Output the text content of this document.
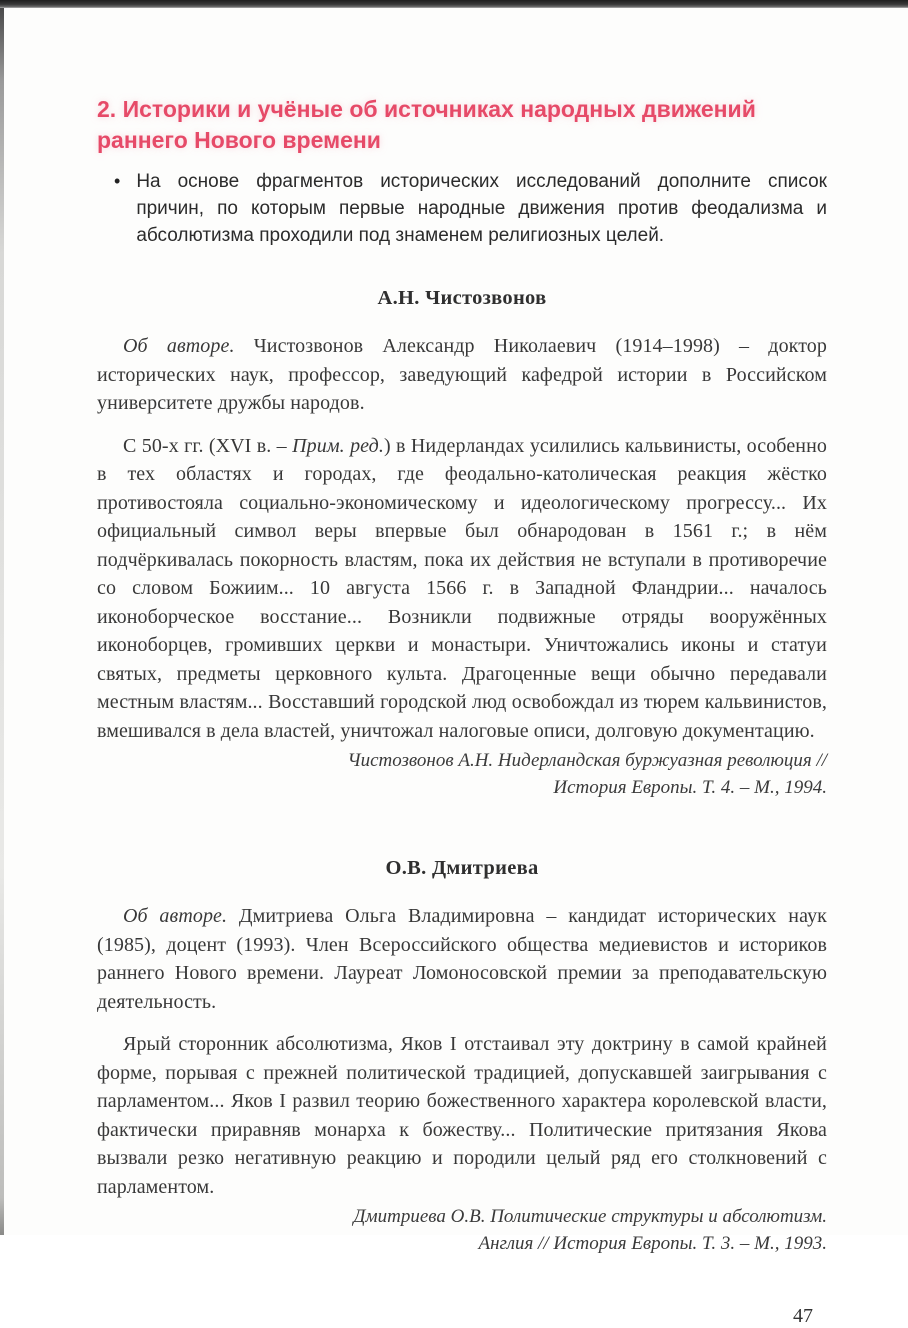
2. Историки и учёные об источниках народных движений раннего Нового времени
• На основе фрагментов исторических исследований дополните список причин, по которым первые народные движения против феодализма и абсолютизма проходили под знаменем религиозных целей.

А.Н. Чистозвонов

Об авторе. Чистозвонов Александр Николаевич (1914–1998) – доктор исторических наук, профессор, заведующий кафедрой истории в Российском университете дружбы народов.

С 50-х гг. (XVI в. – Прим. ред.) в Нидерландах усилились кальвинисты, особенно в тех областях и городах, где феодально-католическая реакция жёстко противостояла социально-экономическому и идеологическому прогрессу... Их официальный символ веры впервые был обнародован в 1561 г.; в нём подчёркивалась покорность властям, пока их действия не вступали в противоречие со словом Божиим... 10 августа 1566 г. в Западной Фландрии... началось иконоборческое восстание... Возникли подвижные отряды вооружённых иконоборцев, громивших церкви и монастыри. Уничтожались иконы и статуи святых, предметы церковного культа. Драгоценные вещи обычно передавали местным властям... Восставший городской люд освобождал из тюрем кальвинистов, вмешивался в дела властей, уничтожал налоговые описи, долговую документацию.

Чистозвонов А.Н. Нидерландская буржуазная революция //
История Европы. Т. 4. – М., 1994.

О.В. Дмитриева

Об авторе. Дмитриева Ольга Владимировна – кандидат исторических наук (1985), доцент (1993). Член Всероссийского общества медиевистов и историков раннего Нового времени. Лауреат Ломоносовской премии за преподавательскую деятельность.

Ярый сторонник абсолютизма, Яков I отстаивал эту доктрину в самой крайней форме, порывая с прежней политической традицией, допускавшей заигрывания с парламентом... Яков I развил теорию божественного характера королевской власти, фактически приравняв монарха к божеству... Политические притязания Якова вызвали резко негативную реакцию и породили целый ряд его столкновений с парламентом.

Дмитриева О.В. Политические структуры и абсолютизм.
Англия // История Европы. Т. 3. – М., 1993.

47
